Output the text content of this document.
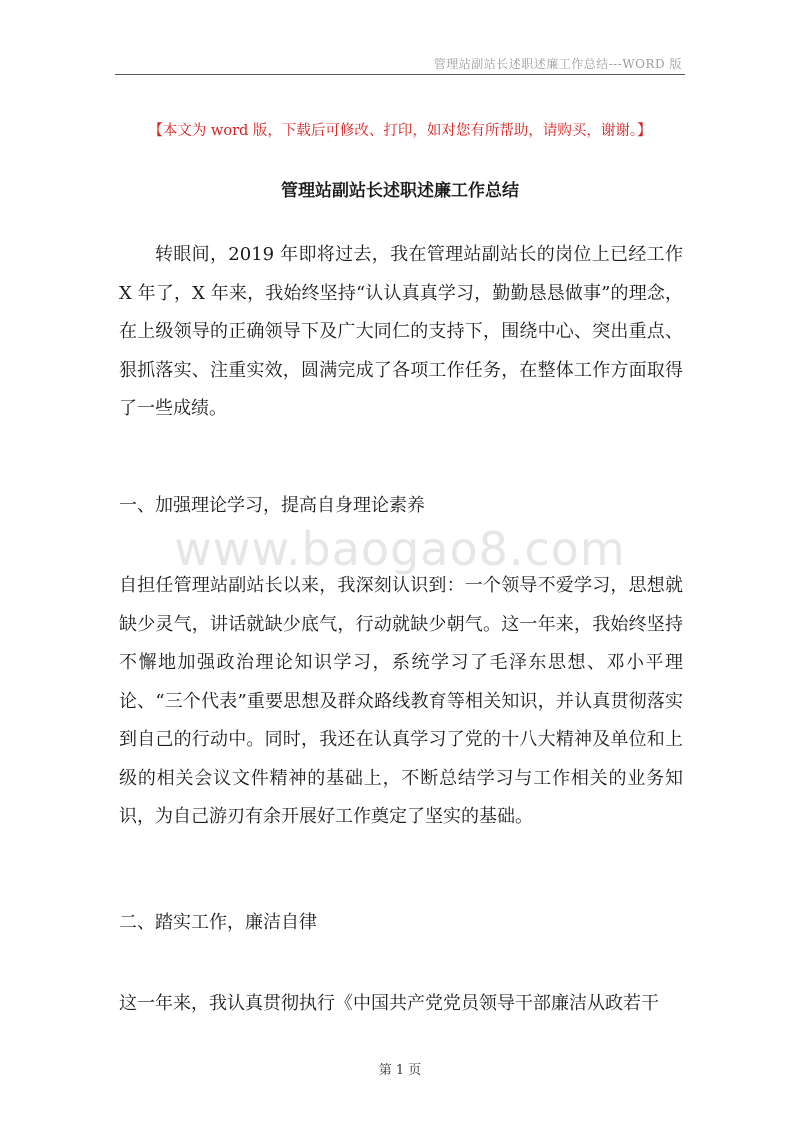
管理站副站长述职述廉工作总结---WORD 版
【本文为 word 版，下载后可修改、打印，如对您有所帮助，请购买，谢谢。】
www.baogao8.com
管理站副站长述职述廉工作总结
转眼间，2019 年即将过去，我在管理站副站长的岗位上已经工作 X 年了，X 年来，我始终坚持“认认真真学习，勤勤恳恳做事”的理念，在上级领导的正确领导下及广大同仁的支持下，围绕中心、突出重点、狠抓落实、注重实效，圆满完成了各项工作任务，在整体工作方面取得了一些成绩。
一、加强理论学习，提高自身理论素养
自担任管理站副站长以来，我深刻认识到：一个领导不爱学习，思想就缺少灵气，讲话就缺少底气，行动就缺少朝气。这一年来，我始终坚持不懈地加强政治理论知识学习，系统学习了毛泽东思想、邓小平理论、“三个代表”重要思想及群众路线教育等相关知识，并认真贯彻落实到自己的行动中。同时，我还在认真学习了党的十八大精神及单位和上级的相关会议文件精神的基础上，不断总结学习与工作相关的业务知识，为自己游刃有余开展好工作奠定了坚实的基础。
二、踏实工作，廉洁自律
这一年来，我认真贯彻执行《中国共产党党员领导干部廉洁从政若干
第 1 页
